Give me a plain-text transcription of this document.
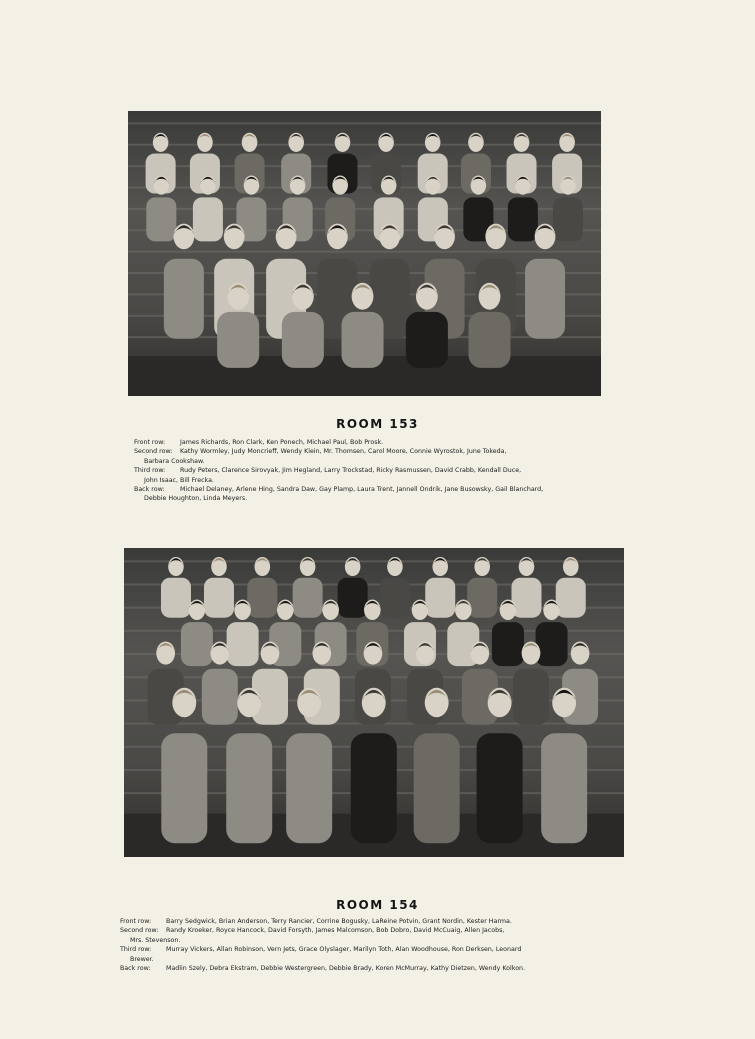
ROOM 153
Front row: James Richards, Ron Clark, Ken Ponech, Michael Paul, Bob Prosk.
Second row: Kathy Wormley, Judy Moncrieff, Wendy Klein, Mr. Thomsen, Carol Moore, Connie Wyrostok, June Tokeda,
Barbara Cookshaw.
Third row: Rudy Peters, Clarence Sirovyak, Jim Hegland, Larry Trockstad, Ricky Rasmussen, David Crabb, Kendall Duce,
John Isaac, Bill Frecka.
Back row: Michael Delaney, Arlene Hing, Sandra Daw, Gay Plamp, Laura Trent, Jannell Ondrik, Jane Busowsky, Gail Blanchard,
Debbie Houghton, Linda Meyers.
ROOM 154
Front row: Barry Sedgwick, Brian Anderson, Terry Rancier, Corrine Bogusky, LaReine Potvin, Grant Nordin, Kester Harma.
Second row: Randy Kroeker, Royce Hancock, David Forsyth, James Malcomson, Bob Dobro, David McCuaig, Allen Jacobs,
Mrs. Stevenson.
Third row: Murray Vickers, Allan Robinson, Vern Jets, Grace Olyslager, Marilyn Toth, Alan Woodhouse, Ron Derksen, Leonard
Brewer.
Back row: Madlin Szely, Debra Ekstram, Debbie Westergreen, Debbie Brady, Koren McMurray, Kathy Dietzen, Wendy Kolkon.
